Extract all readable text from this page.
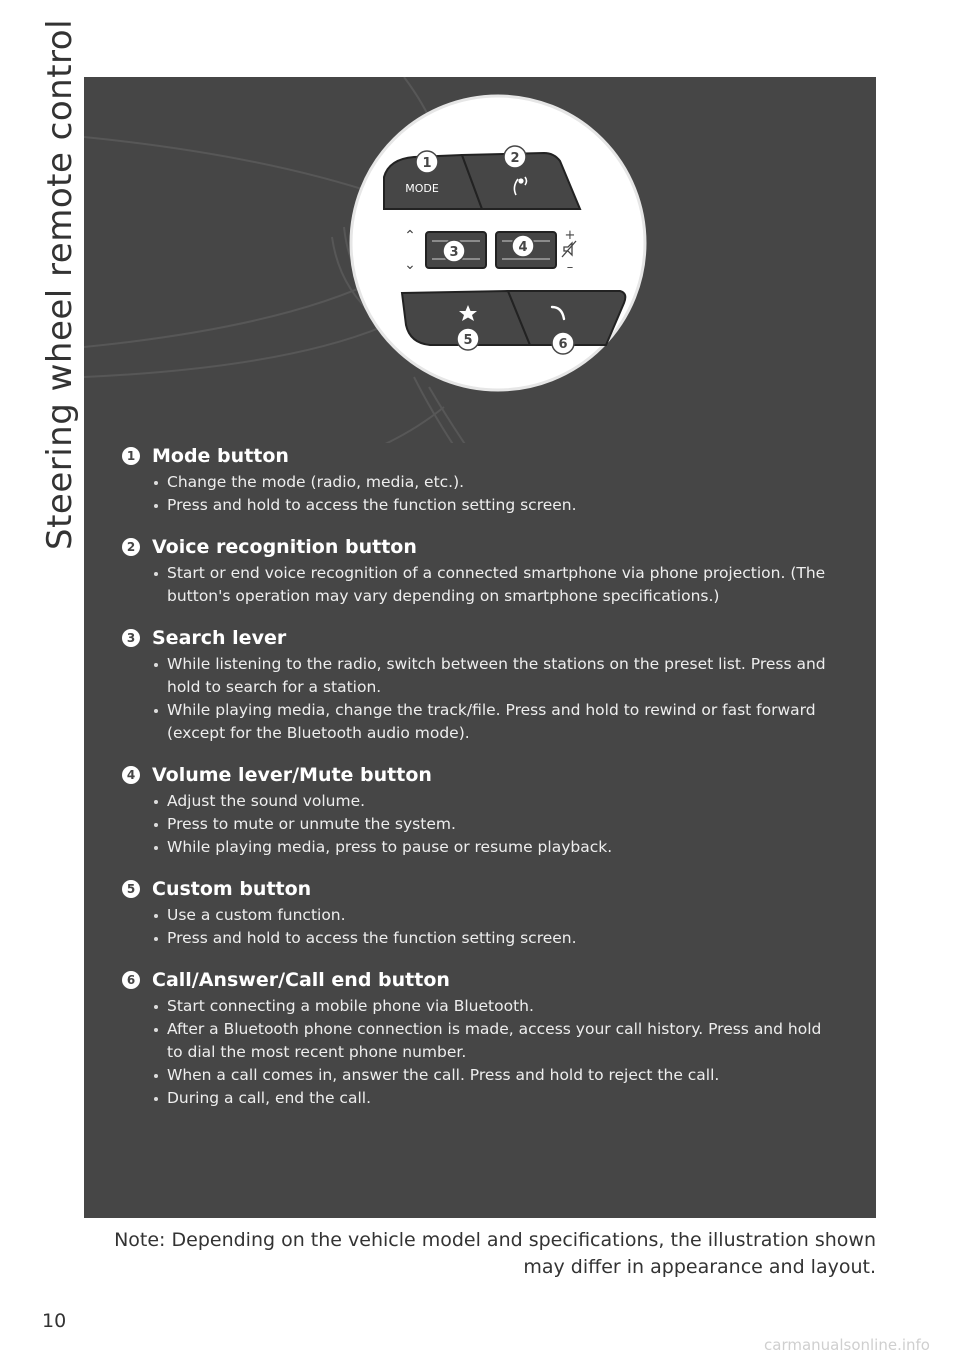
Steering wheel remote control	MODE
⌃
⌄
+
–
1	2
3	4
5	6
1 Mode button
Change the mode (radio, media, etc.).
Press and hold to access the function setting screen.
2 Voice recognition button
Start or end voice recognition of a connected smartphone via phone projection. (The button's operation may vary depending on smartphone specifications.)
3 Search lever
While listening to the radio, switch between the stations on the preset list. Press and hold to search for a station.
While playing media, change the track/file. Press and hold to rewind or fast forward (except for the Bluetooth audio mode).
4 Volume lever/Mute button
Adjust the sound volume.
Press to mute or unmute the system.
While playing media, press to pause or resume playback.
5 Custom button
Use a custom function.
Press and hold to access the function setting screen.
6 Call/Answer/Call end button
Start connecting a mobile phone via Bluetooth.
After a Bluetooth phone connection is made, access your call history. Press and hold to dial the most recent phone number.
When a call comes in, answer the call. Press and hold to reject the call.
During a call, end the call.
Note: Depending on the vehicle model and specifications, the illustration shown may differ in appearance and layout.
10
carmanualsonline.info
